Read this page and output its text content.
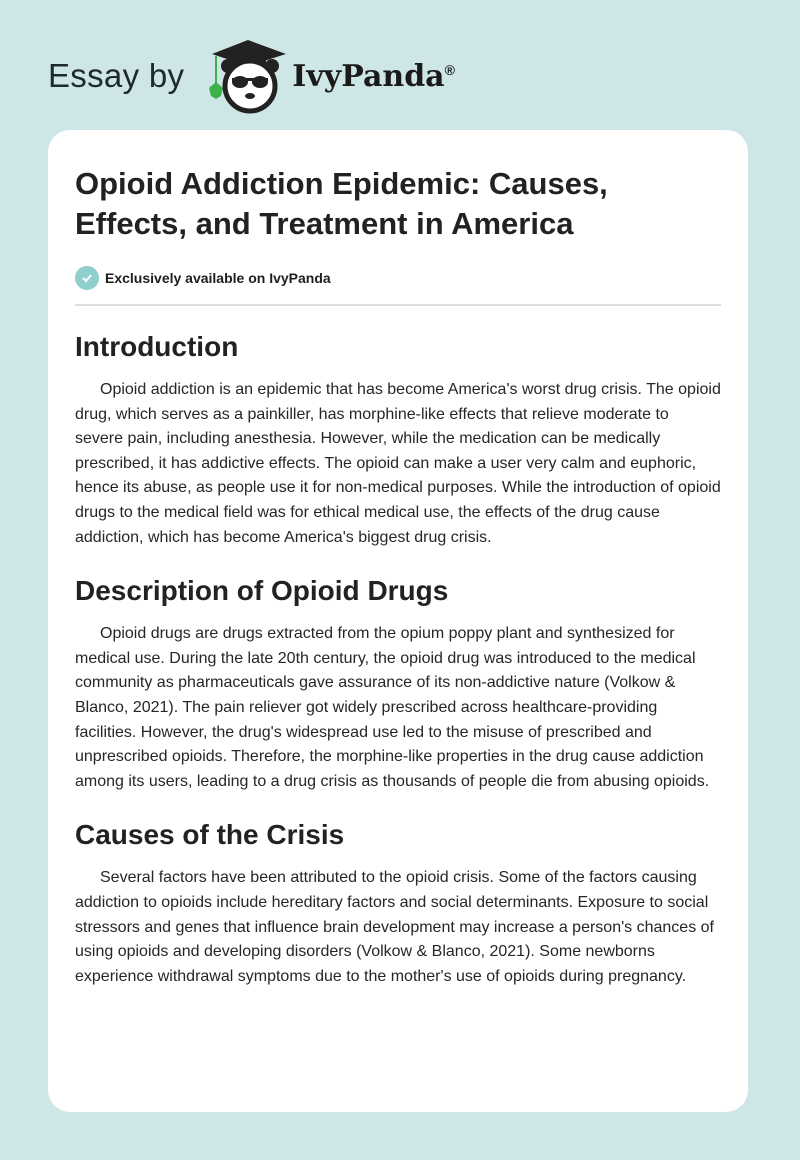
Essay by	IvyPanda®
Opioid Addiction Epidemic: Causes, Effects, and Treatment in America
Exclusively available on IvyPanda
Introduction

Opioid addiction is an epidemic that has become America's worst drug crisis. The opioid drug, which serves as a painkiller, has morphine-like effects that relieve moderate to severe pain, including anesthesia. However, while the medication can be medically prescribed, it has addictive effects. The opioid can make a user very calm and euphoric, hence its abuse, as people use it for non-medical purposes. While the introduction of opioid drugs to the medical field was for ethical medical use, the effects of the drug cause addiction, which has become America's biggest drug crisis.

Description of Opioid Drugs

Opioid drugs are drugs extracted from the opium poppy plant and synthesized for medical use. During the late 20th century, the opioid drug was introduced to the medical community as pharmaceuticals gave assurance of its non-addictive nature (Volkow & Blanco, 2021). The pain reliever got widely prescribed across healthcare-providing facilities. However, the drug's widespread use led to the misuse of prescribed and unprescribed opioids. Therefore, the morphine-like properties in the drug cause addiction among its users, leading to a drug crisis as thousands of people die from abusing opioids.

Causes of the Crisis

Several factors have been attributed to the opioid crisis. Some of the factors causing addiction to opioids include hereditary factors and social determinants. Exposure to social stressors and genes that influence brain development may increase a person's chances of using opioids and developing disorders (Volkow & Blanco, 2021). Some newborns experience withdrawal symptoms due to the mother's use of opioids during pregnancy.
